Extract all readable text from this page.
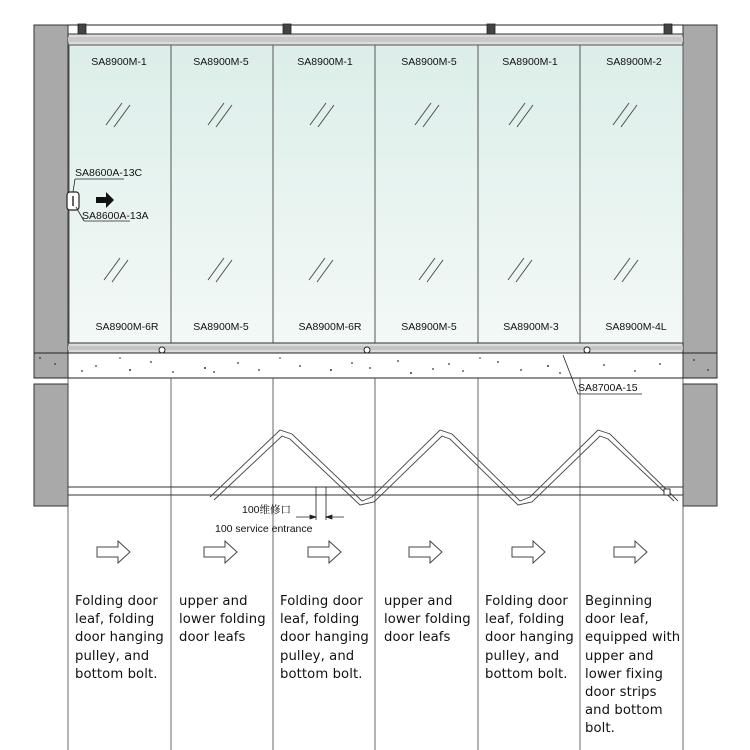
SA8900M-1	SA8900M-5	SA8900M-1	SA8900M-5	SA8900M-1	SA8900M-2
SA8900M-6R	SA8900M-5	SA8900M-6R	SA8900M-5	SA8900M-3	SA8900M-4L
SA8600A-13C
SA8600A-13A
SA8700A-15
100维修口
100 service entrance
Folding door
leaf, folding
door hanging
pulley, and
bottom bolt.
upper and
lower folding
door leafs
Folding door
leaf, folding
door hanging
pulley, and
bottom bolt.
upper and
lower folding
door leafs
Folding door
leaf, folding
door hanging
pulley, and
bottom bolt.
Beginning
door leaf,
equipped with
upper and
lower fixing
door strips
and bottom
bolt.
